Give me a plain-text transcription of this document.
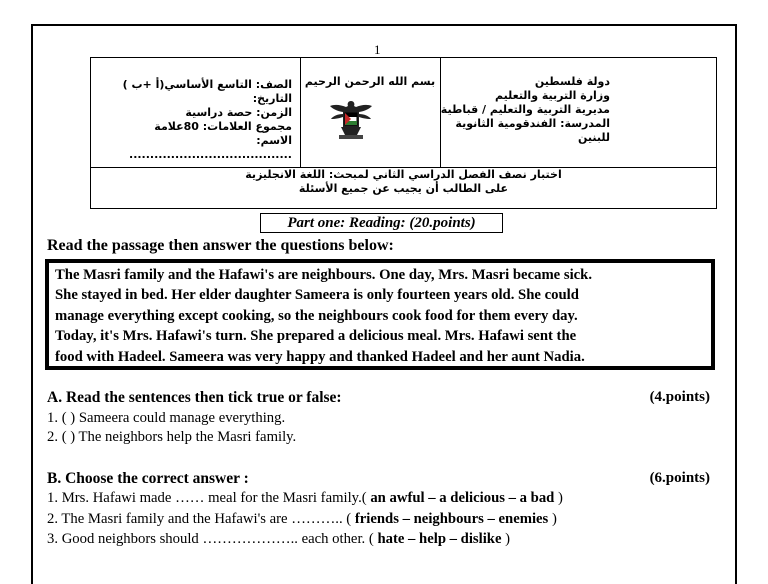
1
دولة فلسطين
وزارة التربية والتعليم
مديرية التربية والتعليم / قباطية
المدرسة: الفندقومية الثانوية للبنين
بسم الله الرحمن الرحيم
الصف: التاسع الأساسي(أ +ب )
التاريخ:
الزمن: حصة دراسية
مجموع العلامات: 80علامة
الاسم: .......................................
اختبار نصف الفصل الدراسي الثاني لمبحث: اللغة الانجليزية
على الطالب أن يجيب عن جميع الأسئلة
Part one: Reading: (20.points)
Read the passage then answer the questions below:
The Masri family and the Hafawi's are neighbours. One day, Mrs. Masri became sick.
She stayed in bed. Her elder daughter Sameera is only fourteen years old. She could
manage everything except cooking, so the neighbours cook food for them every day.
Today, it's Mrs. Hafawi's turn. She prepared a delicious meal. Mrs. Hafawi sent the
food with Hadeel. Sameera was very happy and thanked Hadeel and her aunt Nadia.
A. Read the sentences then tick true or false:	(4.points)
1. ( ) Sameera could manage everything.
2. ( ) The neighbors help the Masri family.
B. Choose the correct answer :	(6.points)
1. Mrs. Hafawi made …… meal for the Masri family.( an awful – a delicious – a bad )
2. The Masri family and the Hafawi's are ……….. ( friends – neighbours – enemies )
3. Good neighbors should ……………….. each other. ( hate – help – dislike )
